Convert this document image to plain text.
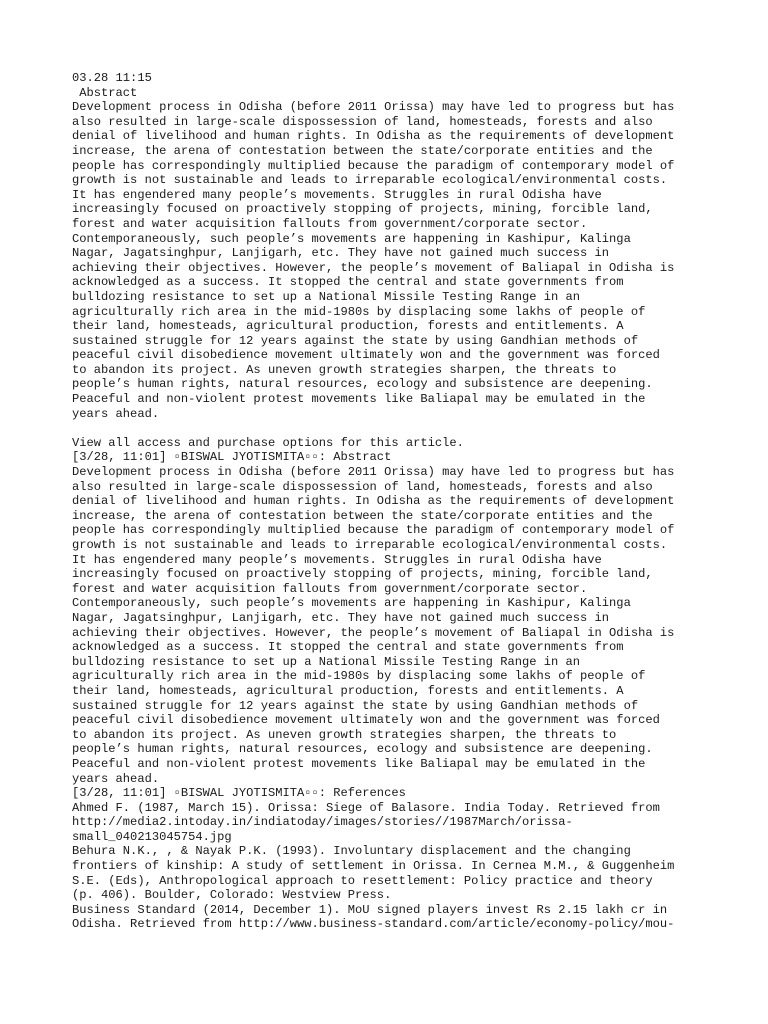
03.28 11:15
Abstract
Development process in Odisha (before 2011 Orissa) may have led to progress but has
also resulted in large-scale dispossession of land, homesteads, forests and also
denial of livelihood and human rights. In Odisha as the requirements of development
increase, the arena of contestation between the state/corporate entities and the
people has correspondingly multiplied because the paradigm of contemporary model of
growth is not sustainable and leads to irreparable ecological/environmental costs.
It has engendered many people’s movements. Struggles in rural Odisha have
increasingly focused on proactively stopping of projects, mining, forcible land,
forest and water acquisition fallouts from government/corporate sector.
Contemporaneously, such people’s movements are happening in Kashipur, Kalinga
Nagar, Jagatsinghpur, Lanjigarh, etc. They have not gained much success in
achieving their objectives. However, the people’s movement of Baliapal in Odisha is
acknowledged as a success. It stopped the central and state governments from
bulldozing resistance to set up a National Missile Testing Range in an
agriculturally rich area in the mid-1980s by displacing some lakhs of people of
their land, homesteads, agricultural production, forests and entitlements. A
sustained struggle for 12 years against the state by using Gandhian methods of
peaceful civil disobedience movement ultimately won and the government was forced
to abandon its project. As uneven growth strategies sharpen, the threats to
people’s human rights, natural resources, ecology and subsistence are deepening.
Peaceful and non-violent protest movements like Baliapal may be emulated in the
years ahead.
View all access and purchase options for this article.
[3/28, 11:01] ▫BISWAL JYOTISMITA▫▫: Abstract
Development process in Odisha (before 2011 Orissa) may have led to progress but has
also resulted in large-scale dispossession of land, homesteads, forests and also
denial of livelihood and human rights. In Odisha as the requirements of development
increase, the arena of contestation between the state/corporate entities and the
people has correspondingly multiplied because the paradigm of contemporary model of
growth is not sustainable and leads to irreparable ecological/environmental costs.
It has engendered many people’s movements. Struggles in rural Odisha have
increasingly focused on proactively stopping of projects, mining, forcible land,
forest and water acquisition fallouts from government/corporate sector.
Contemporaneously, such people’s movements are happening in Kashipur, Kalinga
Nagar, Jagatsinghpur, Lanjigarh, etc. They have not gained much success in
achieving their objectives. However, the people’s movement of Baliapal in Odisha is
acknowledged as a success. It stopped the central and state governments from
bulldozing resistance to set up a National Missile Testing Range in an
agriculturally rich area in the mid-1980s by displacing some lakhs of people of
their land, homesteads, agricultural production, forests and entitlements. A
sustained struggle for 12 years against the state by using Gandhian methods of
peaceful civil disobedience movement ultimately won and the government was forced
to abandon its project. As uneven growth strategies sharpen, the threats to
people’s human rights, natural resources, ecology and subsistence are deepening.
Peaceful and non-violent protest movements like Baliapal may be emulated in the
years ahead.
[3/28, 11:01] ▫BISWAL JYOTISMITA▫▫: References
Ahmed F. (1987, March 15). Orissa: Siege of Balasore. India Today. Retrieved from
http://media2.intoday.in/indiatoday/images/stories//1987March/orissa-
small_040213045754.jpg
Behura N.K., , & Nayak P.K. (1993). Involuntary displacement and the changing
frontiers of kinship: A study of settlement in Orissa. In Cernea M.M., & Guggenheim
S.E. (Eds), Anthropological approach to resettlement: Policy practice and theory
(p. 406). Boulder, Colorado: Westview Press.
Business Standard (2014, December 1). MoU signed players invest Rs 2.15 lakh cr in
Odisha. Retrieved from http://www.business-standard.com/article/economy-policy/mou-
